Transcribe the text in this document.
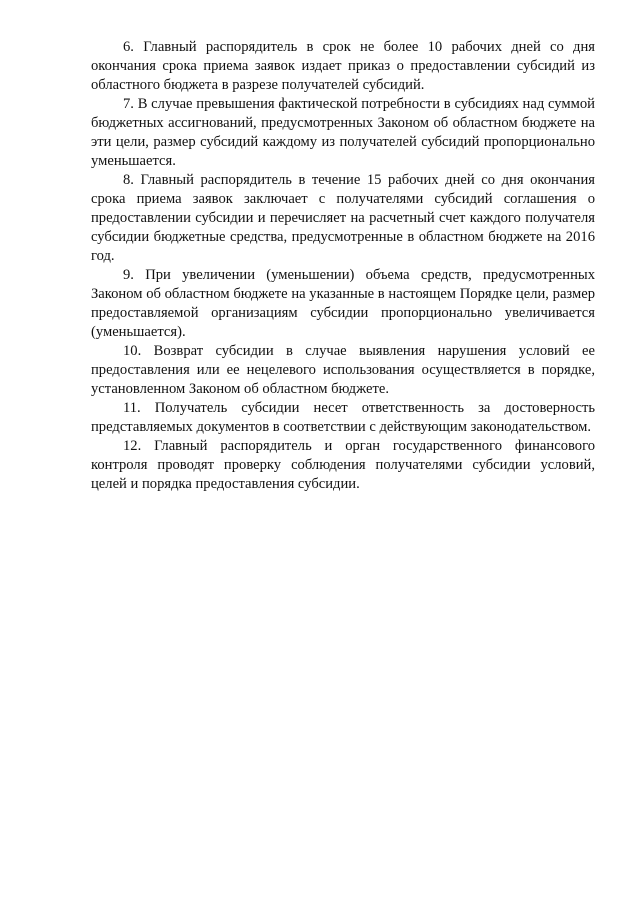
6. Главный распорядитель в срок не более 10 рабочих дней со дня окончания срока приема заявок издает приказ о предоставлении субсидий из областного бюджета в разрезе получателей субсидий.

7. В случае превышения фактической потребности в субсидиях над суммой бюджетных ассигнований, предусмотренных Законом об областном бюджете на эти цели, размер субсидий каждому из получателей субсидий пропорционально уменьшается.

8. Главный распорядитель в течение 15 рабочих дней со дня окончания срока приема заявок заключает с получателями субсидий соглашения о предоставлении субсидии и перечисляет на расчетный счет каждого получателя субсидии бюджетные средства, предусмотренные в областном бюджете на 2016 год.

9. При увеличении (уменьшении) объема средств, предусмотренных Законом об областном бюджете на указанные в настоящем Порядке цели, размер предоставляемой организациям субсидии пропорционально увеличивается (уменьшается).

10. Возврат субсидии в случае выявления нарушения условий ее предоставления или ее нецелевого использования осуществляется в порядке, установленном Законом об областном бюджете.

11. Получатель субсидии несет ответственность за достоверность представляемых документов в соответствии с действующим законодательством.

12. Главный распорядитель и орган государственного финансового контроля проводят проверку соблюдения получателями субсидии условий, целей и порядка предоставления субсидии.
